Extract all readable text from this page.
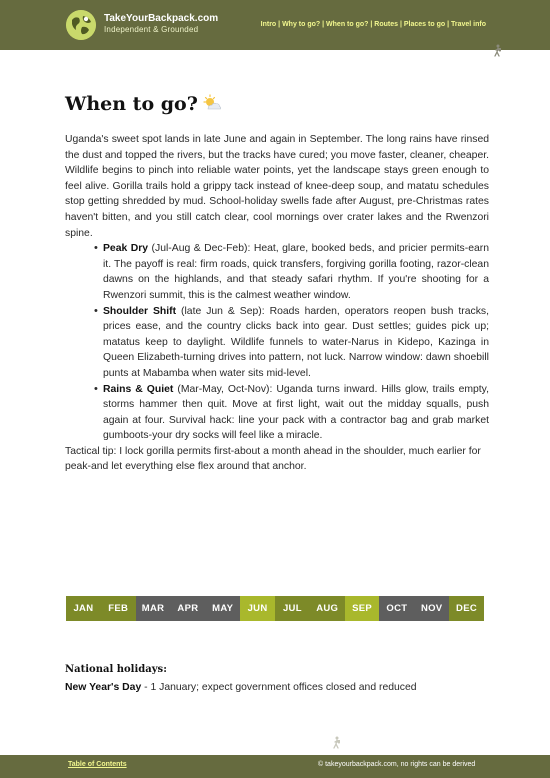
TakeYourBackpack.com
Independent & Grounded
Intro | Why to go? | When to go? | Routes | Places to go | Travel info
When to go?

Uganda's sweet spot lands in late June and again in September. The long rains have rinsed the dust and topped the rivers, but the tracks have cured; you move faster, cleaner, cheaper. Wildlife begins to pinch into reliable water points, yet the landscape stays green enough to feel alive. Gorilla trails hold a grippy tack instead of knee-deep soup, and matatu schedules stop getting shredded by mud. School-holiday swells fade after August, pre-Christmas rates haven't bitten, and you still catch clear, cool mornings over crater lakes and the Rwenzori spine.

• Peak Dry (Jul-Aug & Dec-Feb): Heat, glare, booked beds, and pricier permits-earn it. The payoff is real: firm roads, quick transfers, forgiving gorilla footing, razor-clean dawns on the highlands, and that steady safari rhythm. If you're shooting for a Rwenzori summit, this is the calmest weather window.
• Shoulder Shift (late Jun & Sep): Roads harden, operators reopen bush tracks, prices ease, and the country clicks back into gear. Dust settles; guides pick up; matatus keep to daylight. Wildlife funnels to water-Narus in Kidepo, Kazinga in Queen Elizabeth-turning drives into pattern, not luck. Narrow window: dawn shoebill punts at Mabamba when water sits mid-level.
• Rains & Quiet (Mar-May, Oct-Nov): Uganda turns inward. Hills glow, trails empty, storms hammer then quit. Move at first light, wait out the midday squalls, push again at four. Survival hack: line your pack with a contractor bag and grab market gumboots-your dry socks will feel like a miracle.

Tactical tip: I lock gorilla permits first-about a month ahead in the shoulder, much earlier for peak-and let everything else flex around that anchor.

JAN	FEB	MAR	APR	MAY	JUN	JUL	AUG	SEP	OCT	NOV	DEC
National holidays:
New Year's Day - 1 January; expect government offices closed and reduced
Table of Contents	© takeyourbackpack.com, no rights can be derived
